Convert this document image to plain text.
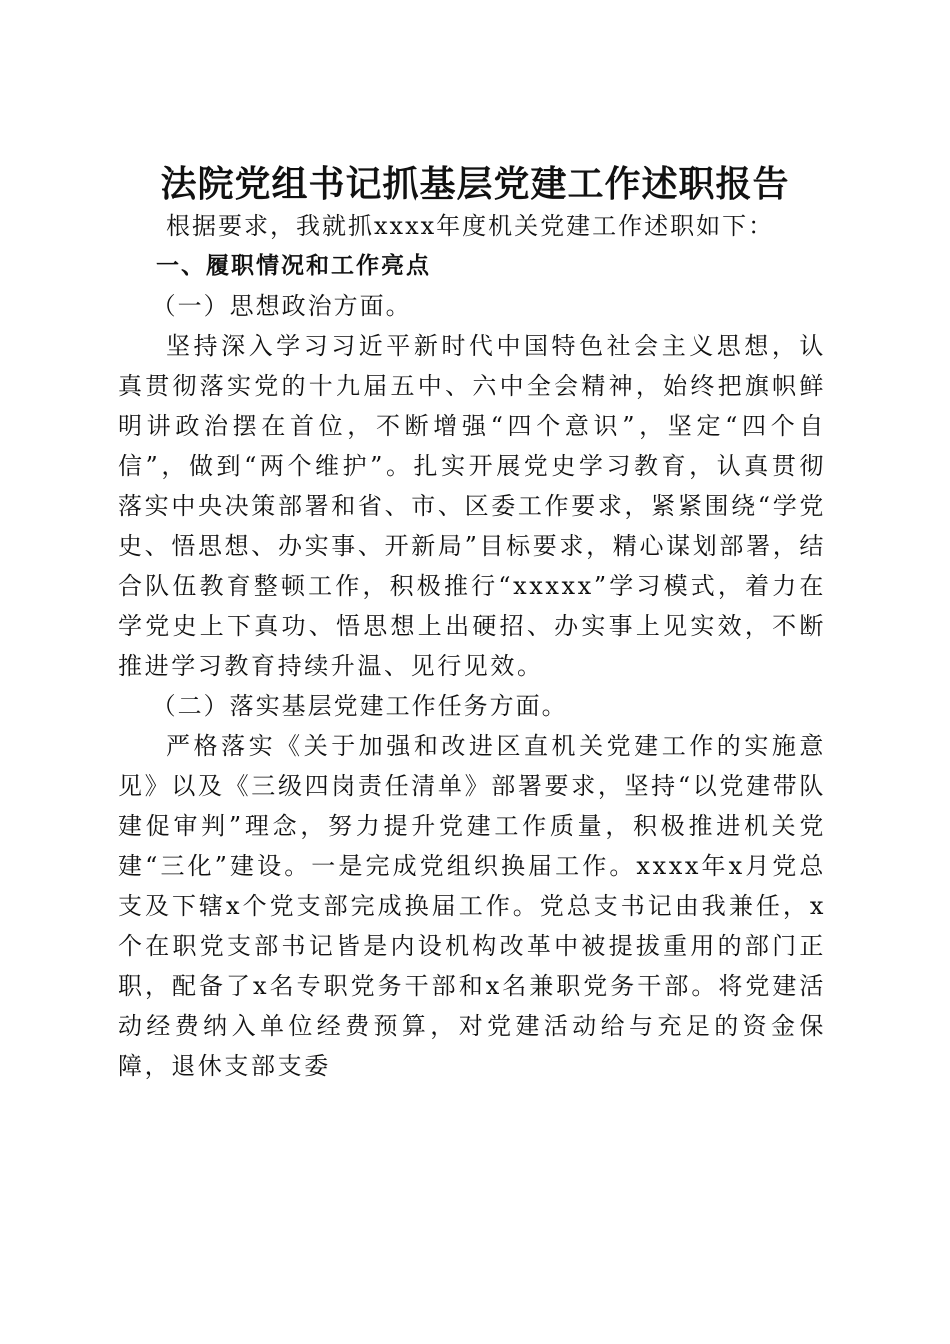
法院党组书记抓基层党建工作述职报告

根据要求，我就抓xxxx年度机关党建工作述职如下：

一、履职情况和工作亮点

（一）思想政治方面。

坚持深入学习习近平新时代中国特色社会主义思想，认真贯彻落实党的十九届五中、六中全会精神，始终把旗帜鲜明讲政治摆在首位，不断增强“四个意识”，坚定“四个自信”，做到“两个维护”。扎实开展党史学习教育，认真贯彻落实中央决策部署和省、市、区委工作要求，紧紧围绕“学党史、悟思想、办实事、开新局”目标要求，精心谋划部署，结合队伍教育整顿工作，积极推行“xxxxx”学习模式，着力在学党史上下真功、悟思想上出硬招、办实事上见实效，不断推进学习教育持续升温、见行见效。

（二）落实基层党建工作任务方面。

严格落实《关于加强和改进区直机关党建工作的实施意见》以及《三级四岗责任清单》部署要求，坚持“以党建带队建促审判”理念，努力提升党建工作质量，积极推进机关党建“三化”建设。一是完成党组织换届工作。xxxx年x月党总支及下辖x个党支部完成换届工作。党总支书记由我兼任，x个在职党支部书记皆是内设机构改革中被提拔重用的部门正职，配备了x名专职党务干部和x名兼职党务干部。将党建活动经费纳入单位经费预算，对党建活动给与充足的资金保障，退休支部支委
